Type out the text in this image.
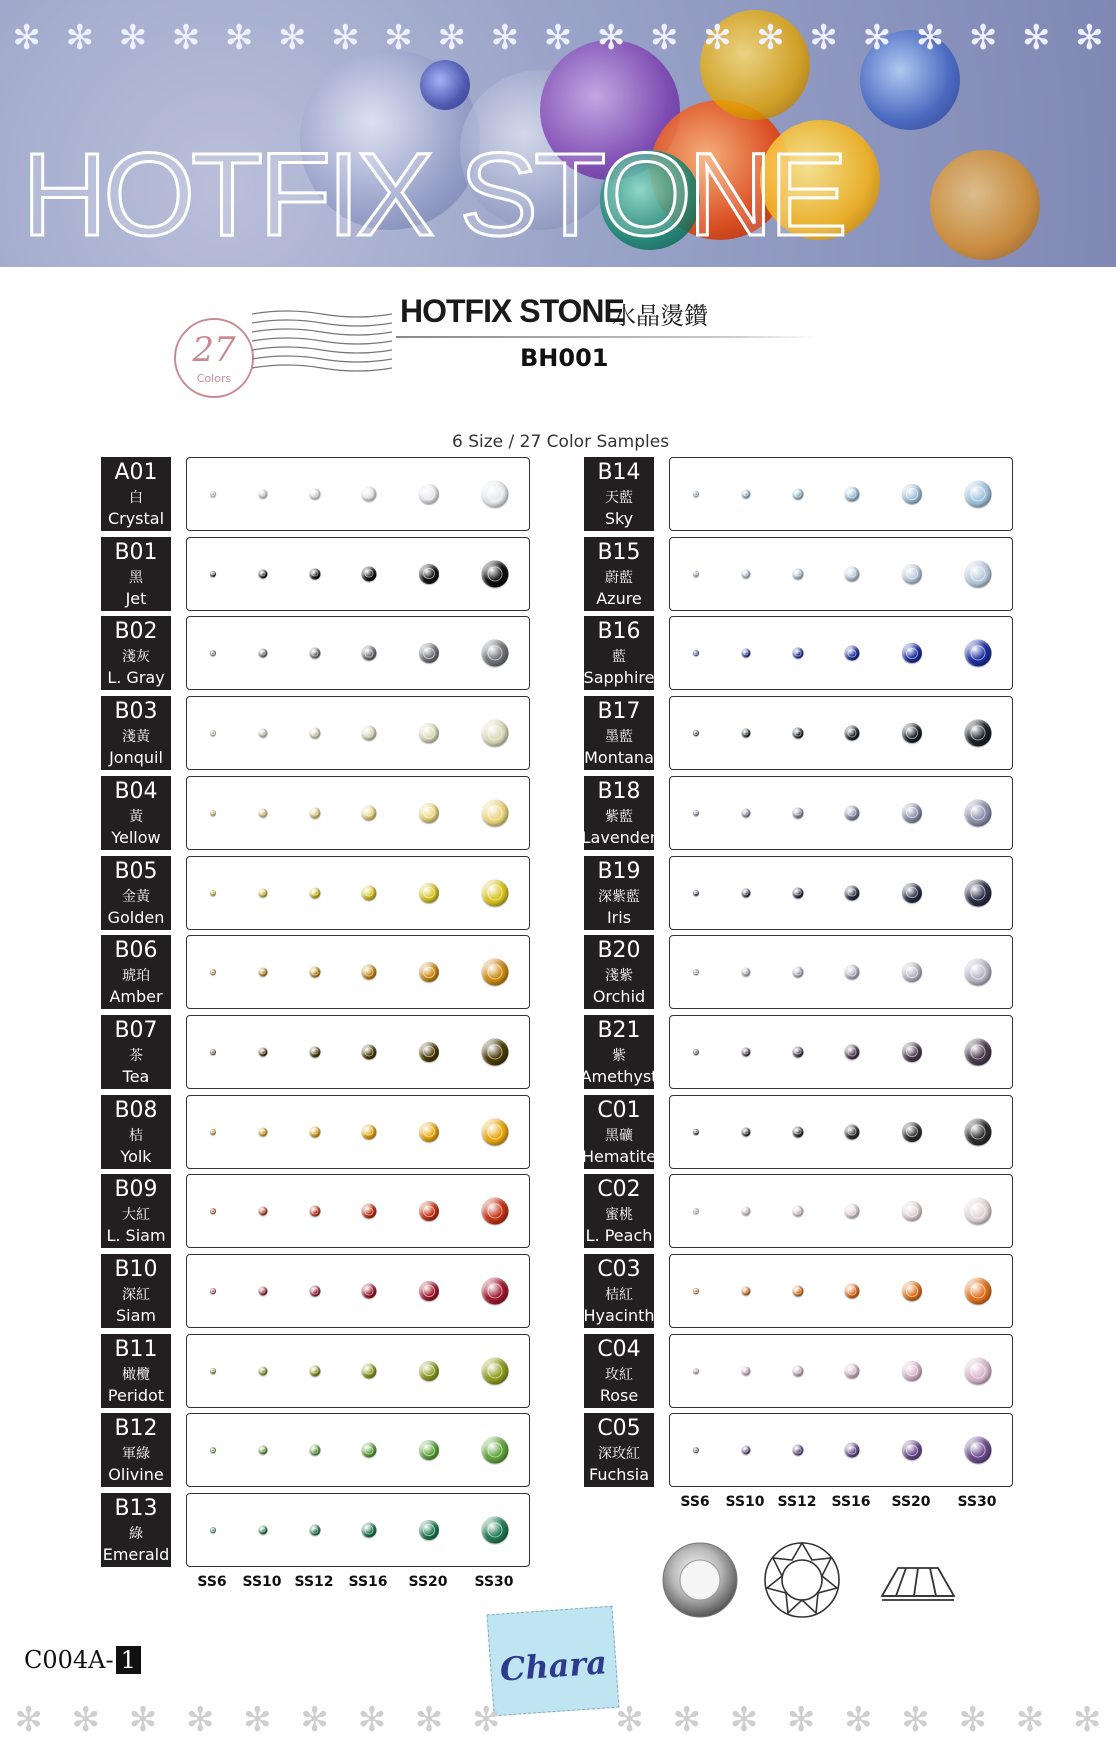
✻ ✻ ✻ ✻ ✻ ✻ ✻ ✻ ✻ ✻ ✻ ✻ ✻ ✻ ✻ ✻ ✻ ✻ ✻ ✻ ✻
HOTFIX STONE
27
Colors
HOTFIX STONE
水晶燙鑽
BH001
6 Size / 27 Color Samples
A01
白
Crystal
B01
黑
Jet
B02
淺灰
L. Gray
B03
淺黃
Jonquil
B04
黃
Yellow
B05
金黃
Golden
B06
琥珀
Amber
B07
茶
Tea
B08
桔
Yolk
B09
大紅
L. Siam
B10
深紅
Siam
B11
橄欖
Peridot
B12
軍綠
Olivine
B13
綠
Emerald
B14
天藍
Sky
B15
蔚藍
Azure
B16
藍
Sapphire
B17
墨藍
Montana
B18
紫藍
Lavender
B19
深紫藍
Iris
B20
淺紫
Orchid
B21
紫
Amethyst
C01
黑礦
Hematite
C02
蜜桃
L. Peach
C03
桔紅
Hyacinth
C04
玫紅
Rose
C05
深玫紅
Fuchsia
SS6 SS10 SS12 SS16 SS20 SS30
SS6 SS10 SS12 SS16 SS20 SS30
C004A- 1	Chara
✻ ✻ ✻ ✻ ✻ ✻ ✻ ✻ ✻	✻ ✻ ✻ ✻ ✻ ✻ ✻ ✻ ✻
